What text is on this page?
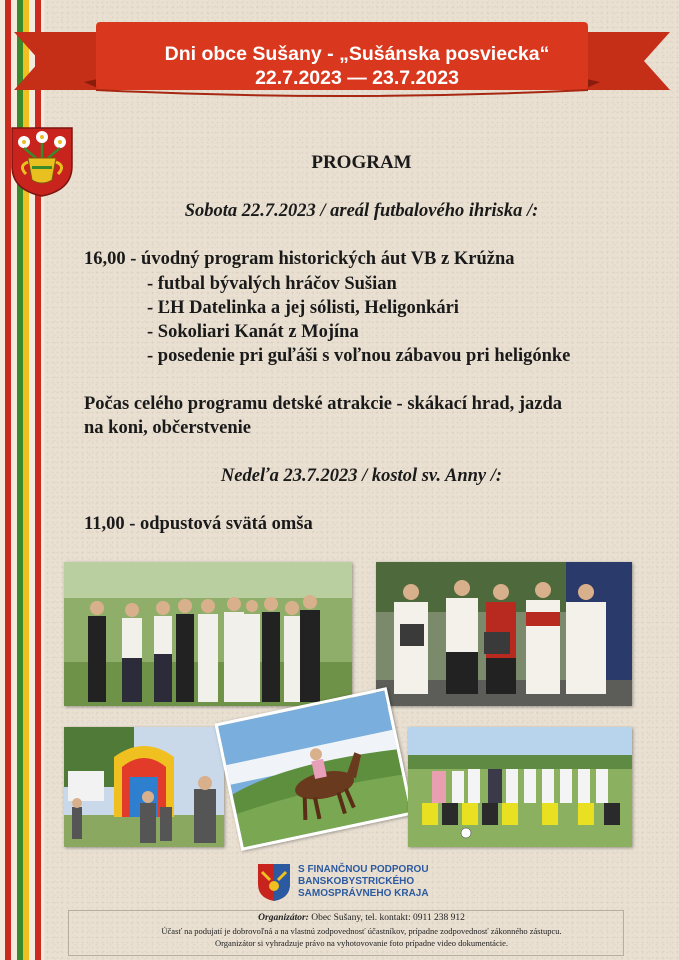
Dni obce Sušany - „Sušánska posviecka“
22.7.2023 — 23.7.2023
PROGRAM
Sobota 22.7.2023 / areál futbalového ihriska /:
16,00 - úvodný program historických áut VB z Krúžna
- futbal bývalých hráčov Sušian
- ĽH Datelinka a jej sólisti, Heligonkári
- Sokoliari Kanát z Mojína
- posedenie pri guľáši s voľnou zábavou pri heligónke
Počas celého programu detské atrakcie - skákací hrad, jazda
na koni, občerstvenie
Nedeľa 23.7.2023 / kostol sv. Anny /:
11,00 - odpustová svätá omša
S FINANČNOU PODPOROU
BANSKOBYSTRICKÉHO
SAMOSPRÁVNEHO KRAJA
Organizátor: Obec Sušany, tel. kontakt: 0911 238 912
Účasť na podujatí je dobrovoľná a na vlastnú zodpovednosť účastníkov, prípadne zodpovednosť zákonného zástupcu.
Organizátor si vyhradzuje právo na vyhotovovanie foto prípadne video dokumentácie.
